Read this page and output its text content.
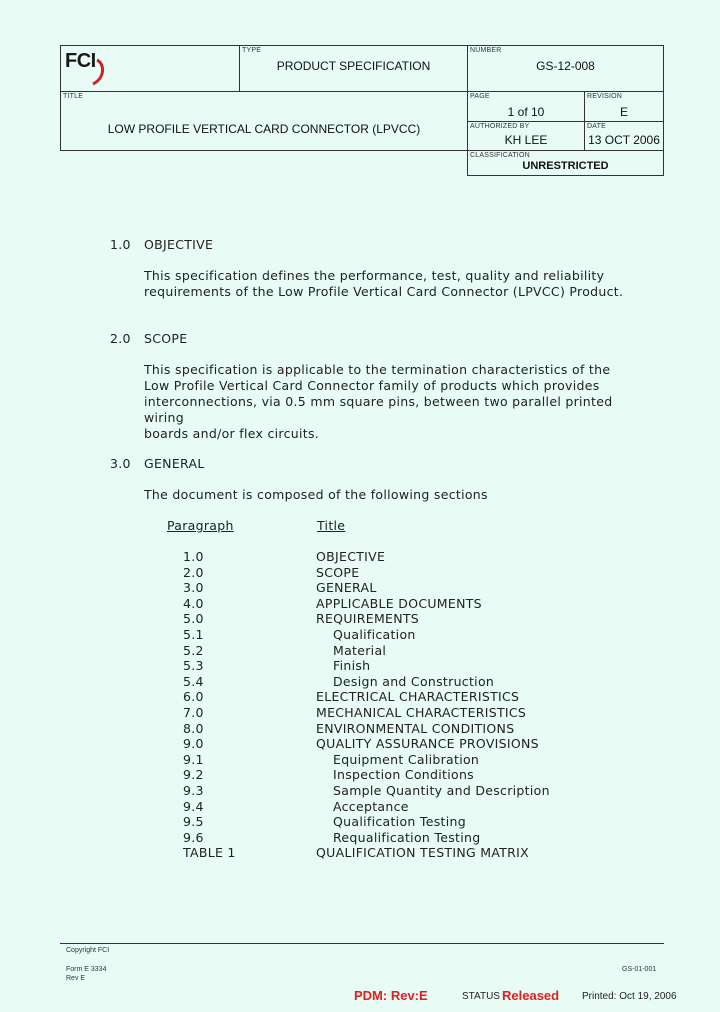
FCI	TYPE
PRODUCT SPECIFICATION
NUMBER
GS-12-008
TITLE
LOW PROFILE VERTICAL CARD CONNECTOR (LPVCC)
PAGE
1 of 10
REVISION
E
AUTHORIZED BY
KH LEE
DATE
13 OCT 2006
CLASSIFICATION
UNRESTRICTED
1.0 OBJECTIVE
This specification defines the performance, test, quality and reliability
requirements of the Low Profile Vertical Card Connector (LPVCC) Product.
2.0 SCOPE
This specification is applicable to the termination characteristics of the
Low Profile Vertical Card Connector family of products which provides
interconnections, via 0.5 mm square pins, between two parallel printed wiring
boards and/or flex circuits.
3.0 GENERAL
The document is composed of the following sections
Paragraph	Title
1.0	OBJECTIVE
2.0	SCOPE
3.0	GENERAL
4.0	APPLICABLE DOCUMENTS
5.0	REQUIREMENTS
5.1	Qualification
5.2	Material
5.3	Finish
5.4	Design and Construction
6.0	ELECTRICAL CHARACTERISTICS
7.0	MECHANICAL CHARACTERISTICS
8.0	ENVIRONMENTAL CONDITIONS
9.0	QUALITY ASSURANCE PROVISIONS
9.1	Equipment Calibration
9.2	Inspection Conditions
9.3	Sample Quantity and Description
9.4	Acceptance
9.5	Qualification Testing
9.6	Requalification Testing
TABLE 1	QUALIFICATION TESTING MATRIX
Copyright FCI
Form E 3334
Rev E
GS-01-001
PDM: Rev:E	STATUS Released Printed: Oct 19, 2006
